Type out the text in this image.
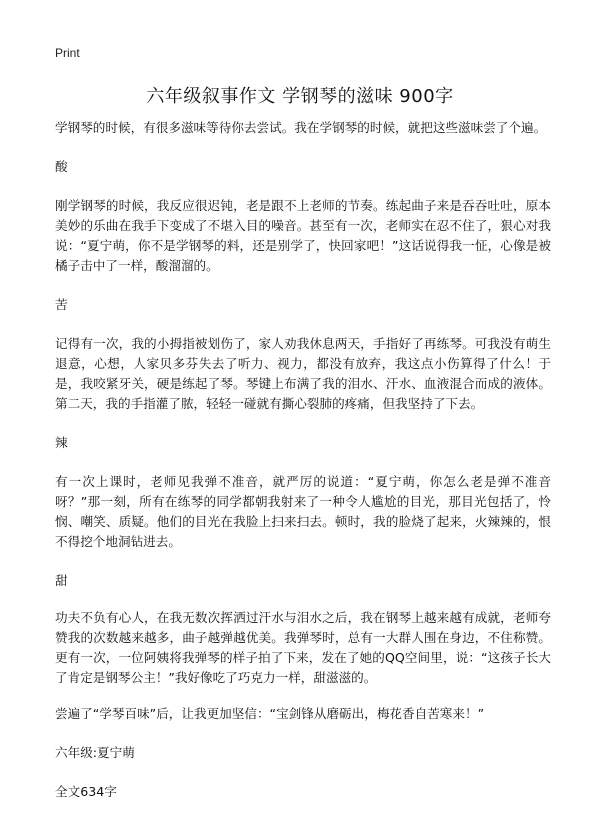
Print
六年级叙事作文 学钢琴的滋味 900字

学钢琴的时候，有很多滋味等待你去尝试。我在学钢琴的时候，就把这些滋味尝了个遍。

酸

刚学钢琴的时候，我反应很迟钝，老是跟不上老师的节奏。练起曲子来是吞吞吐吐，原本美妙的乐曲在我手下变成了不堪入目的噪音。甚至有一次，老师实在忍不住了，狠心对我说：“夏宁萌，你不是学钢琴的料，还是别学了，快回家吧！”这话说得我一怔，心像是被橘子击中了一样，酸溜溜的。

苦

记得有一次，我的小拇指被划伤了，家人劝我休息两天，手指好了再练琴。可我没有萌生退意，心想，人家贝多芬失去了听力、视力，都没有放弃，我这点小伤算得了什么！于是，我咬紧牙关，硬是练起了琴。琴键上布满了我的泪水、汗水、血液混合而成的液体。第二天，我的手指灌了脓，轻轻一碰就有撕心裂肺的疼痛，但我坚持了下去。

辣

有一次上课时，老师见我弹不准音，就严厉的说道：“夏宁萌，你怎么老是弹不准音呀？”那一刻，所有在练琴的同学都朝我射来了一种令人尴尬的目光，那目光包括了，怜悯、嘲笑、质疑。他们的目光在我脸上扫来扫去。顿时，我的脸烧了起来，火辣辣的，恨不得挖个地洞钻进去。

甜

功夫不负有心人，在我无数次挥洒过汗水与泪水之后，我在钢琴上越来越有成就，老师夸赞我的次数越来越多，曲子越弹越优美。我弹琴时，总有一大群人围在身边，不住称赞。更有一次，一位阿姨将我弹琴的样子拍了下来，发在了她的QQ空间里，说：“这孩子长大了肯定是钢琴公主！”我好像吃了巧克力一样，甜滋滋的。

尝遍了“学琴百味”后，让我更加坚信：“宝剑锋从磨砺出，梅花香自苦寒来！”

六年级:夏宁萌
全文634字
